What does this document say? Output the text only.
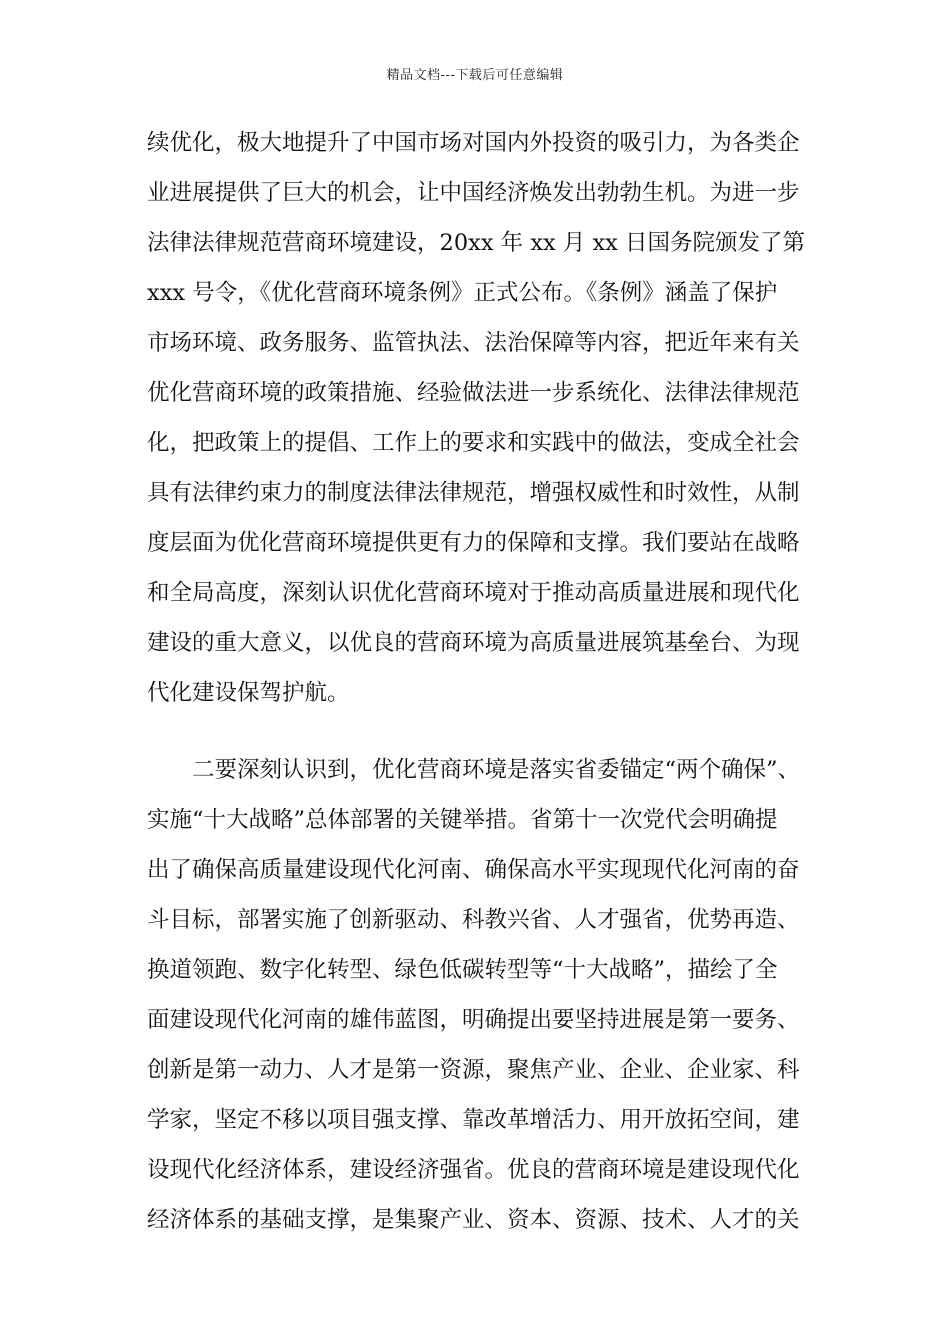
精品文档---下载后可任意编辑
续优化，极大地提升了中国市场对国内外投资的吸引力，为各类企
业进展提供了巨大的机会，让中国经济焕发出勃勃生机。为进一步
法律法律规范营商环境建设，20xx 年 xx 月 xx 日国务院颁发了第
xxx 号令，《优化营商环境条例》正式公布。《条例》涵盖了保护
市场环境、政务服务、监管执法、法治保障等内容，把近年来有关
优化营商环境的政策措施、经验做法进一步系统化、法律法律规范
化，把政策上的提倡、工作上的要求和实践中的做法，变成全社会
具有法律约束力的制度法律法律规范，增强权威性和时效性，从制
度层面为优化营商环境提供更有力的保障和支撑。我们要站在战略
和全局高度，深刻认识优化营商环境对于推动高质量进展和现代化
建设的重大意义，以优良的营商环境为高质量进展筑基垒台、为现
代化建设保驾护航。
　　二要深刻认识到，优化营商环境是落实省委锚定“两个确保”、
实施“十大战略”总体部署的关键举措。省第十一次党代会明确提
出了确保高质量建设现代化河南、确保高水平实现现代化河南的奋
斗目标，部署实施了创新驱动、科教兴省、人才强省，优势再造、
换道领跑、数字化转型、绿色低碳转型等“十大战略”，描绘了全
面建设现代化河南的雄伟蓝图，明确提出要坚持进展是第一要务、
创新是第一动力、人才是第一资源，聚焦产业、企业、企业家、科
学家，坚定不移以项目强支撑、靠改革增活力、用开放拓空间，建
设现代化经济体系，建设经济强省。优良的营商环境是建设现代化
经济体系的基础支撑，是集聚产业、资本、资源、技术、人才的关
